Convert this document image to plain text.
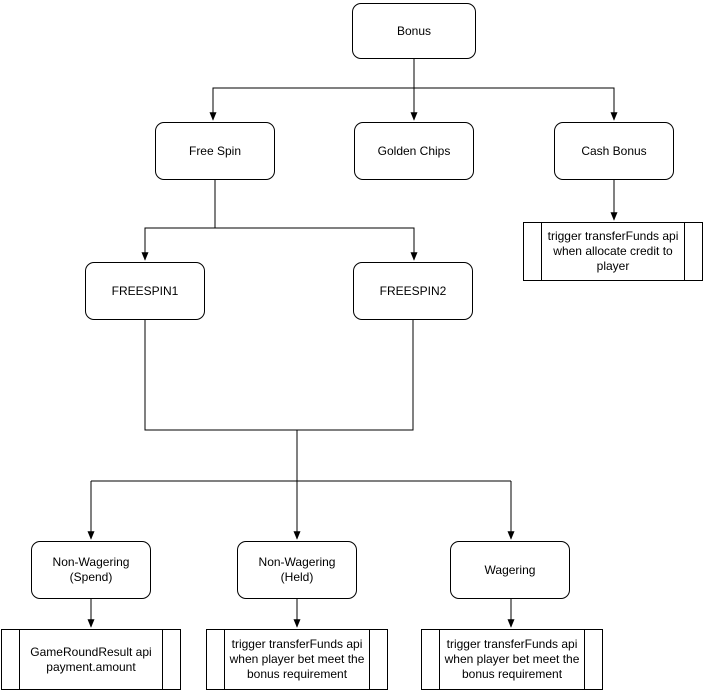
Bonus
Free Spin	Golden Chips	Cash Bonus
trigger transferFunds api when allocate credit to player
FREESPIN1	FREESPIN2
Non-Wagering (Spend)
Non-Wagering (Held)
Wagering
GameRoundResult api payment.amount
trigger transferFunds api when player bet meet the bonus requirement
trigger transferFunds api when player bet meet the bonus requirement
